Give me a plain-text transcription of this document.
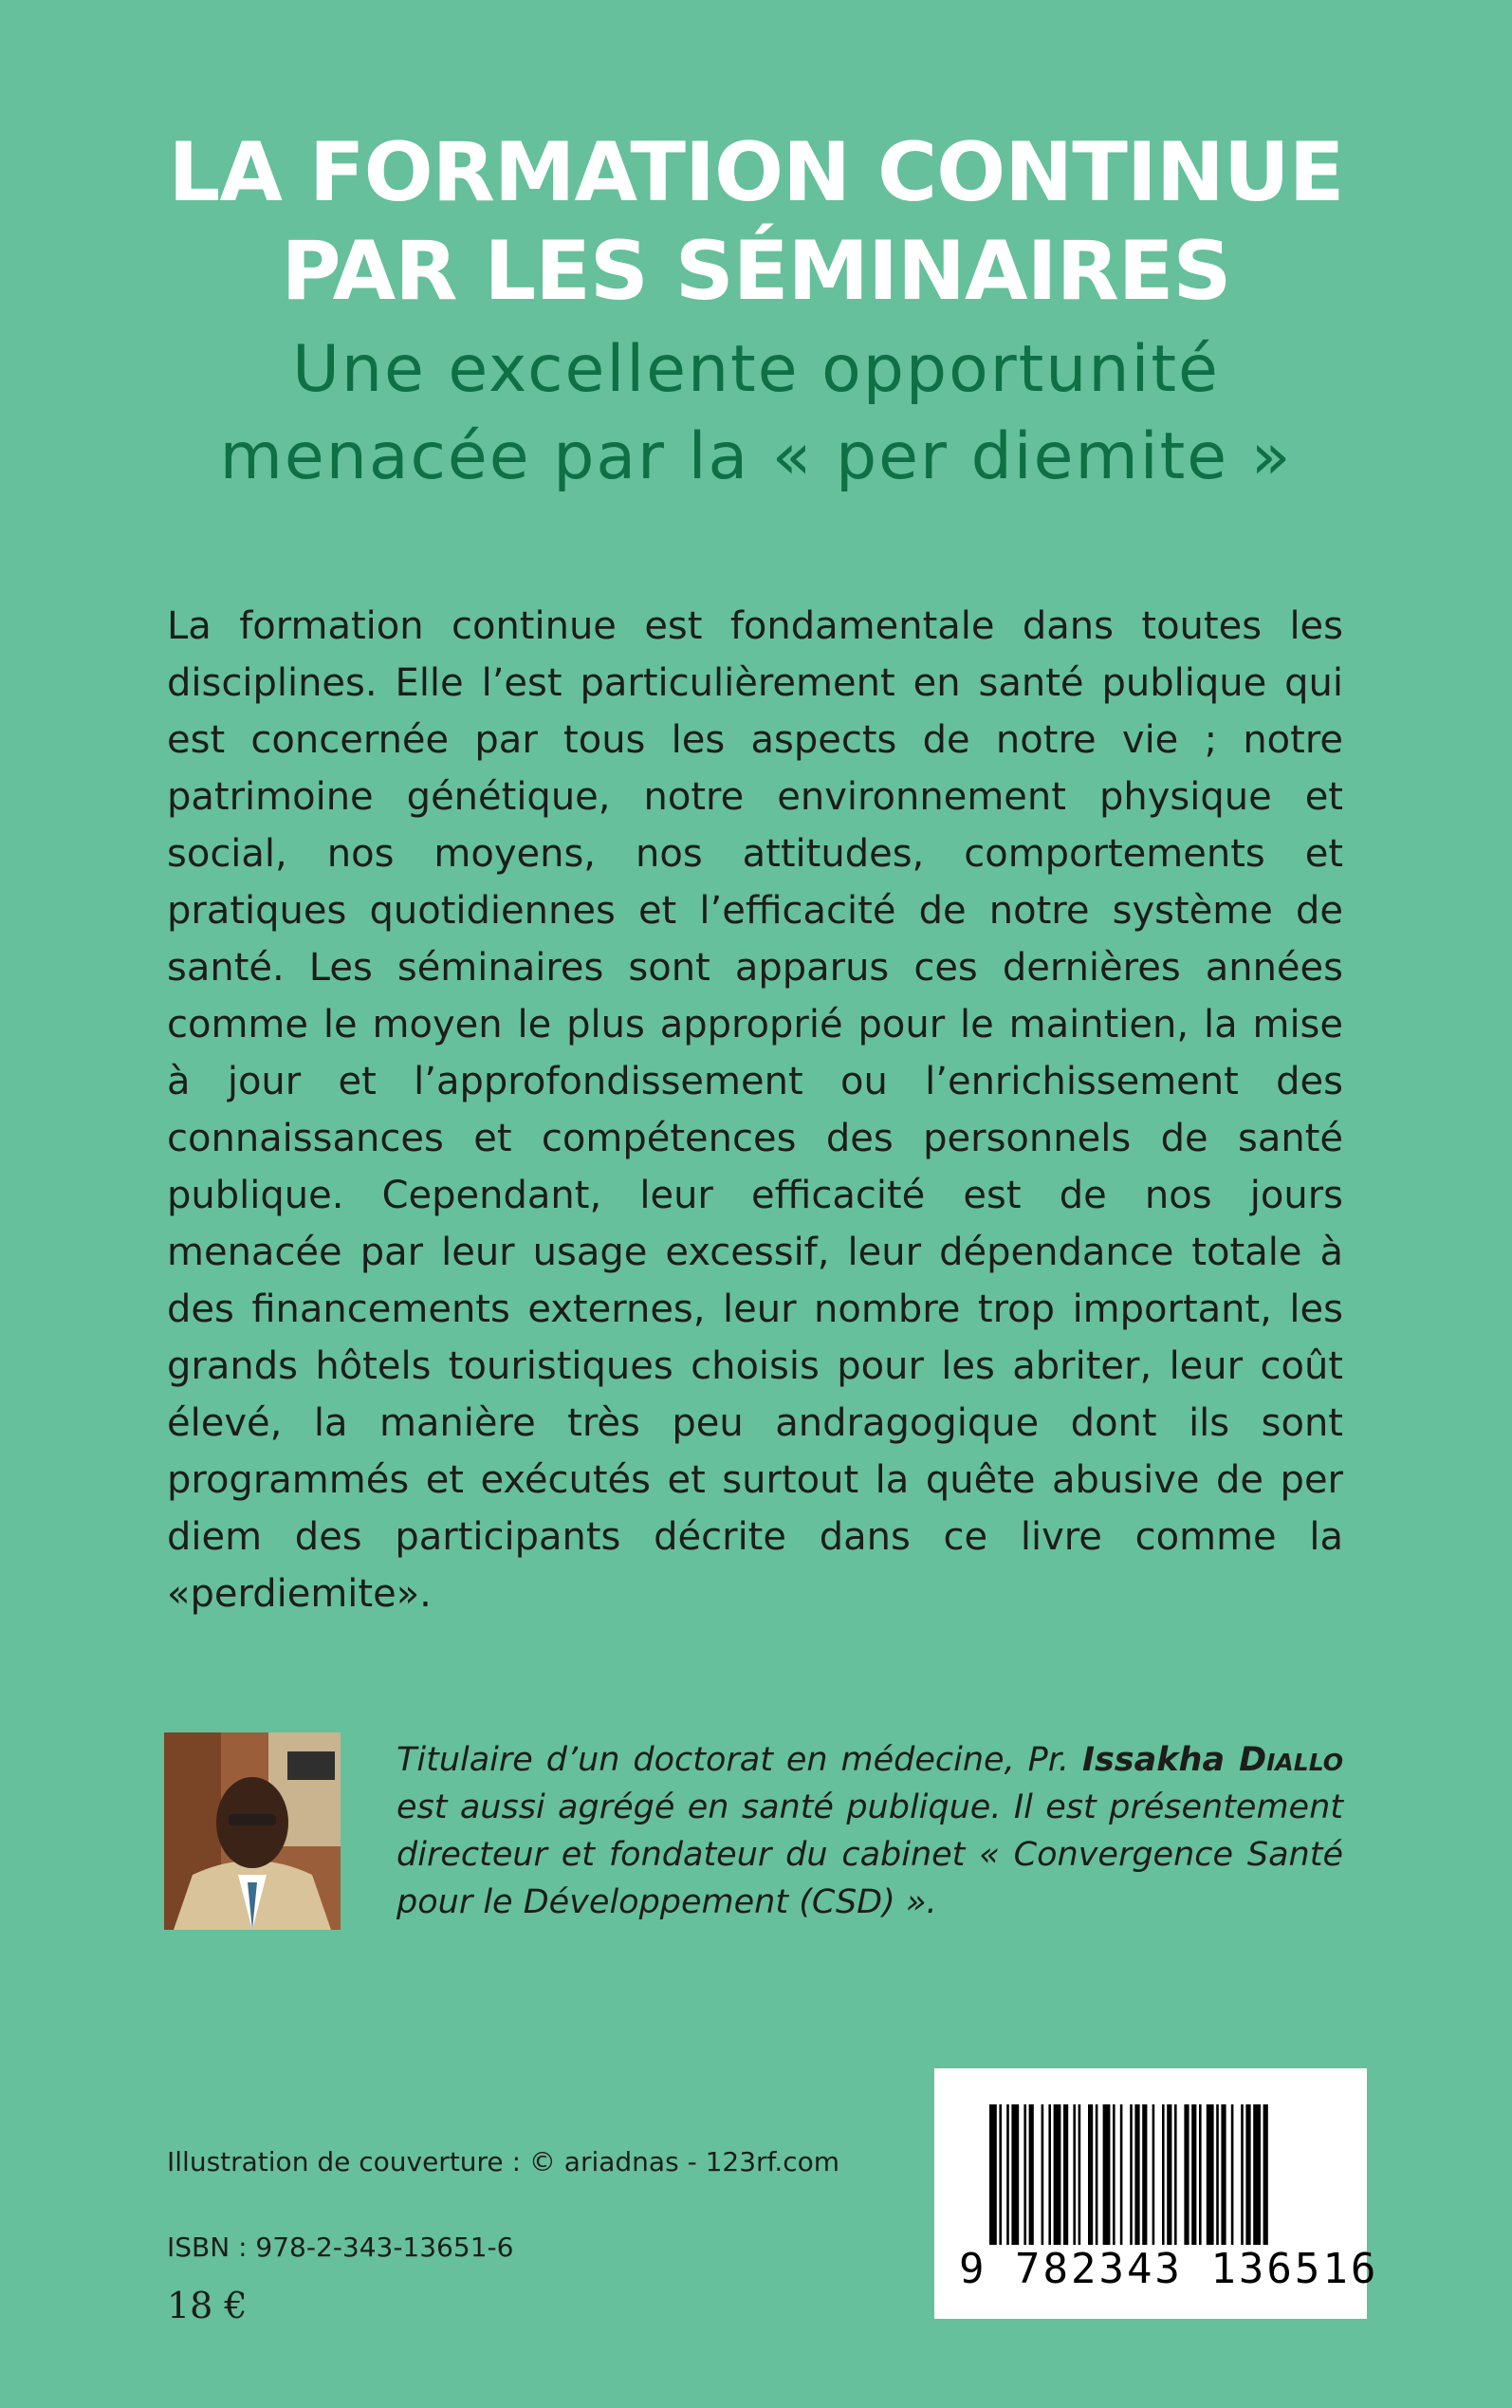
LA FORMATION CONTINUE
PAR LES SÉMINAIRES
Une excellente opportunité
menacée par la « per diemite »

La formation continue est fondamentale dans toutes les disciplines. Elle l’est particulièrement en santé publique qui est concernée par tous les aspects de notre vie ; notre patrimoine génétique, notre environnement physique et social, nos moyens, nos attitudes, comportements et pratiques quotidiennes et l’efficacité de notre système de santé. Les séminaires sont apparus ces dernières années comme le moyen le plus approprié pour le maintien, la mise à jour et l’approfondissement ou l’enrichissement des connaissances et compétences des personnels de santé publique. Cependant, leur efficacité est de nos jours menacée par leur usage excessif, leur dépendance totale à des financements externes, leur nombre trop important, les grands hôtels touristiques choisis pour les abriter, leur coût élevé, la manière très peu andragogique dont ils sont programmés et exécutés et surtout la quête abusive de per diem des participants décrite dans ce livre comme la «perdiemite».

Titulaire d’un doctorat en médecine, Pr. Issakha Diallo est aussi agrégé en santé publique. Il est présentement directeur et fondateur du cabinet « Convergence Santé pour le Développement (CSD) ».

Illustration de couverture : © ariadnas - 123rf.com
ISBN : 978-2-343-13651-6
18 €
9 782343 136516
